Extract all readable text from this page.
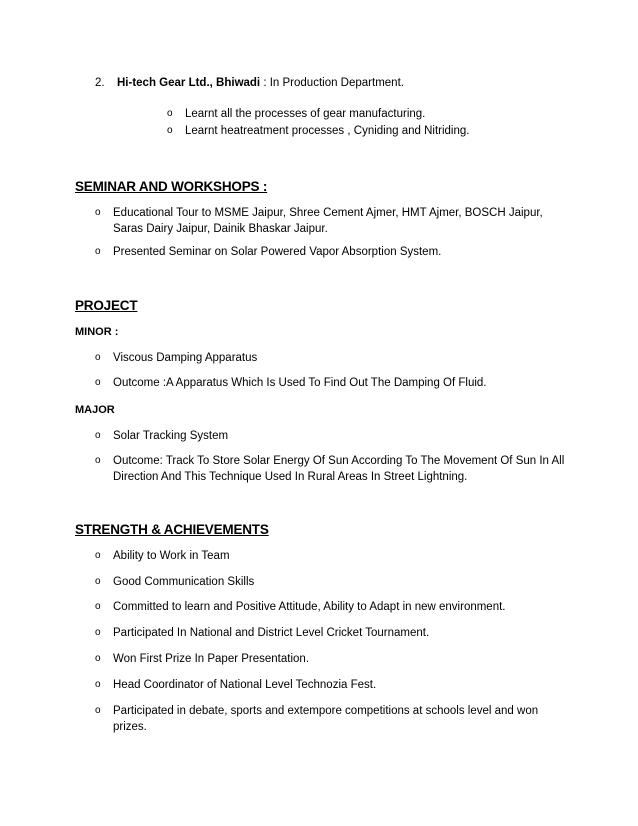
2. Hi-tech Gear Ltd., Bhiwadi : In Production Department.
o Learnt all the processes of gear manufacturing.
o Learnt heatreatment processes , Cyniding and Nitriding.
SEMINAR AND WORKSHOPS :
o Educational Tour to MSME Jaipur, Shree Cement Ajmer, HMT Ajmer, BOSCH Jaipur, Saras Dairy Jaipur, Dainik Bhaskar Jaipur.
o Presented Seminar on Solar Powered Vapor Absorption System.
PROJECT
MINOR :
o Viscous Damping Apparatus
o Outcome :A Apparatus Which Is Used To Find Out The Damping Of Fluid.
MAJOR
o Solar Tracking System
o Outcome: Track To Store Solar Energy Of Sun According To The Movement Of Sun In All Direction And This Technique Used In Rural Areas In Street Lightning.
STRENGTH & ACHIEVEMENTS
o Ability to Work in Team
o Good Communication Skills
o Committed to learn and Positive Attitude, Ability to Adapt in new environment.
o Participated In National and District Level Cricket Tournament.
o Won First Prize In Paper Presentation.
o Head Coordinator of National Level Technozia Fest.
o Participated in debate, sports and extempore competitions at schools level and won prizes.
